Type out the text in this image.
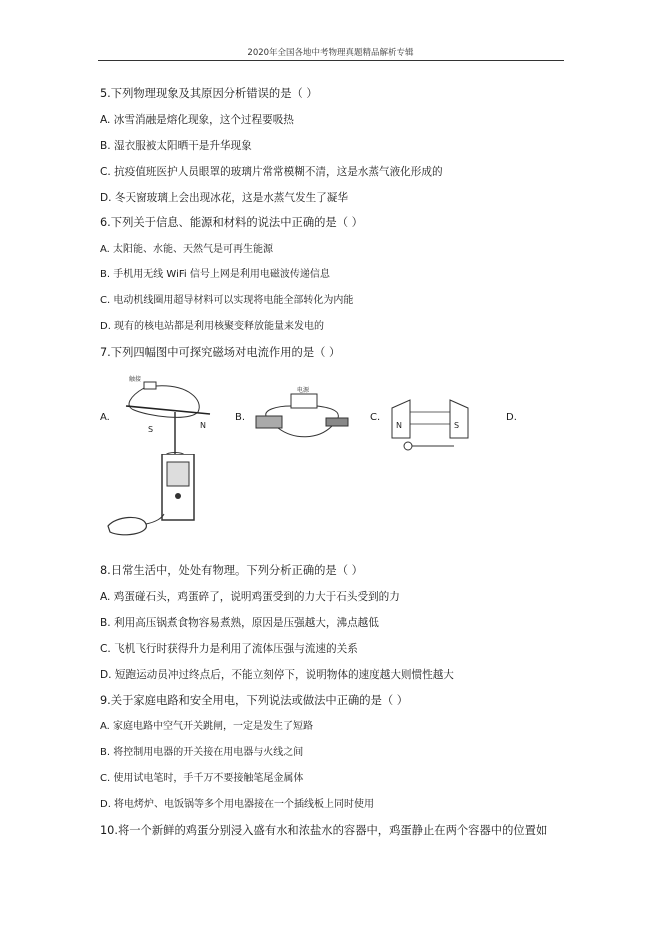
2020年全国各地中考物理真题精品解析专辑
5.下列物理现象及其原因分析错误的是（ ）
A. 冰雪消融是熔化现象，这个过程要吸热
B. 湿衣服被太阳晒干是升华现象
C. 抗疫值班医护人员眼罩的玻璃片常常模糊不清，这是水蒸气液化形成的
D. 冬天窗玻璃上会出现冰花，这是水蒸气发生了凝华
6.下列关于信息、能源和材料的说法中正确的是（ ）
A. 太阳能、水能、天然气是可再生能源
B. 手机用无线 WiFi 信号上网是利用电磁波传递信息
C. 电动机线圈用超导材料可以实现将电能全部转化为内能
D. 现有的核电站都是利用核聚变释放能量来发电的
7.下列四幅图中可探究磁场对电流作用的是（ ）
A.
触接
S	N
B.
电源
C.
N	S
D.
8.日常生活中，处处有物理。下列分析正确的是（ ）
A. 鸡蛋碰石头，鸡蛋碎了，说明鸡蛋受到的力大于石头受到的力
B. 利用高压锅煮食物容易煮熟，原因是压强越大，沸点越低
C. 飞机飞行时获得升力是利用了流体压强与流速的关系
D. 短跑运动员冲过终点后，不能立刻停下，说明物体的速度越大则惯性越大
9.关于家庭电路和安全用电，下列说法或做法中正确的是（ ）
A. 家庭电路中空气开关跳闸，一定是发生了短路
B. 将控制用电器的开关接在用电器与火线之间
C. 使用试电笔时，手千万不要接触笔尾金属体
D. 将电烤炉、电饭锅等多个用电器接在一个插线板上同时使用
10.将一个新鲜的鸡蛋分别浸入盛有水和浓盐水的容器中，鸡蛋静止在两个容器中的位置如
